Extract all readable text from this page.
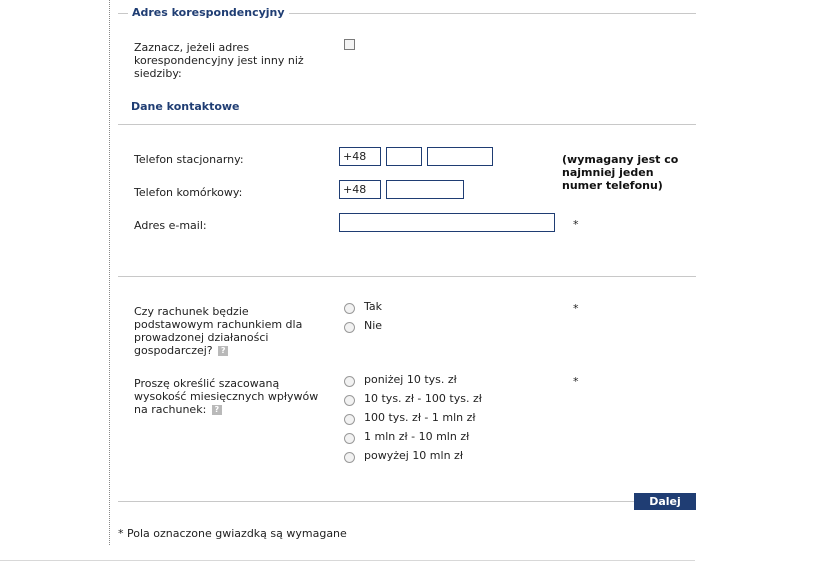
Adres korespondencyjny
Zaznacz, jeżeli adres korespondencyjny jest inny niż siedziby:
Dane kontaktowe
Telefon stacjonarny:
+48	(wymagany jest co najmniej jeden numer telefonu)
Telefon komórkowy:
+48
Adres e-mail:	*
Czy rachunek będzie podstawowym rachunkiem dla prowadzonej działaności gospodarczej? ?
Tak
Nie
*
Proszę określić szacowaną wysokość miesięcznych wpływów na rachunek: ?
poniżej 10 tys. zł
10 tys. zł - 100 tys. zł
100 tys. zł - 1 mln zł
1 mln zł - 10 mln zł
powyżej 10 mln zł
*
Dalej
* Pola oznaczone gwiazdką są wymagane
